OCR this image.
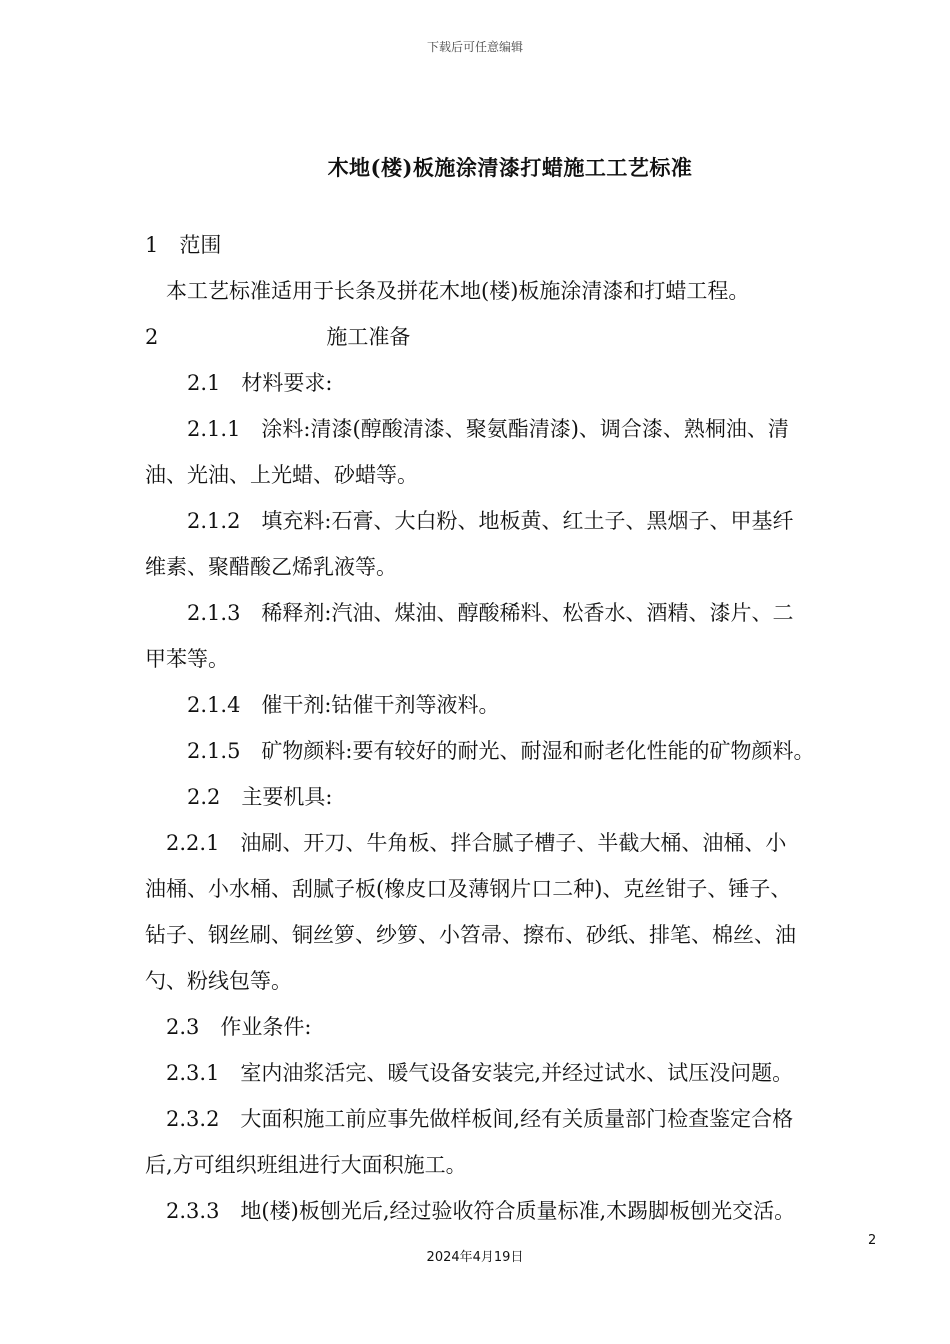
下载后可任意编辑
木地(楼)板施涂清漆打蜡施工工艺标准
1　范围
　本工艺标准适用于长条及拼花木地(楼)板施涂清漆和打蜡工程。
2　　　　　　　　施工准备
　　2.1　材料要求:
　　2.1.1　涂料:清漆(醇酸清漆、聚氨酯清漆)、调合漆、熟桐油、清
油、光油、上光蜡、砂蜡等。
　　2.1.2　填充料:石膏、大白粉、地板黄、红土子、黑烟子、甲基纤
维素、聚醋酸乙烯乳液等。
　　2.1.3　稀释剂:汽油、煤油、醇酸稀料、松香水、酒精、漆片、二
甲苯等。
　　2.1.4　催干剂:钴催干剂等液料。
　　2.1.5　矿物颜料:要有较好的耐光、耐湿和耐老化性能的矿物颜料。
　　2.2　主要机具:
　2.2.1　油刷、开刀、牛角板、拌合腻子槽子、半截大桶、油桶、小
油桶、小水桶、刮腻子板(橡皮口及薄钢片口二种)、克丝钳子、锤子、
钻子、钢丝刷、铜丝箩、纱箩、小笤帚、擦布、砂纸、排笔、棉丝、油
勺、粉线包等。
　2.3　作业条件:
　2.3.1　室内油浆活完、暖气设备安装完,并经过试水、试压没问题。
　2.3.2　大面积施工前应事先做样板间,经有关质量部门检查鉴定合格
后,方可组织班组进行大面积施工。
　2.3.3　地(楼)板刨光后,经过验收符合质量标准,木踢脚板刨光交活。
2
2024年4月19日
